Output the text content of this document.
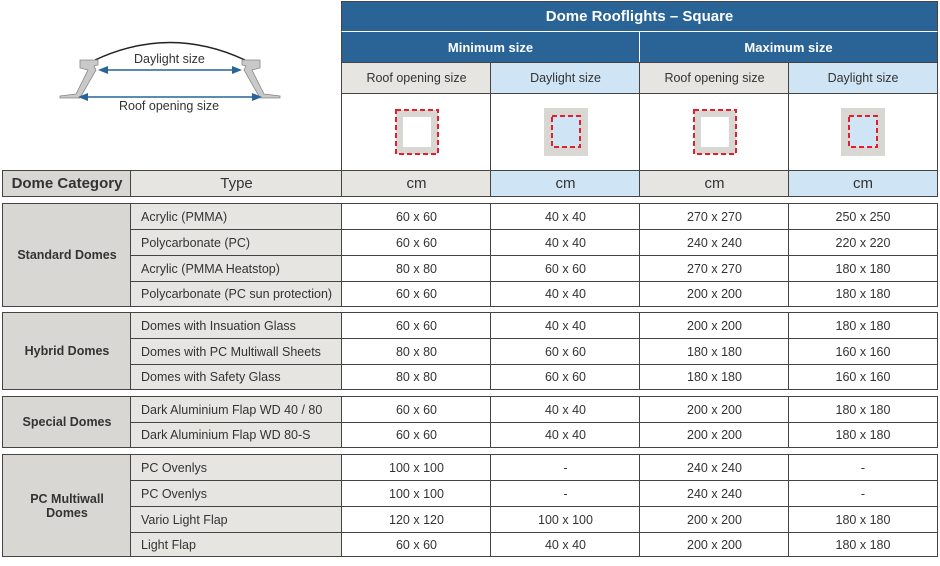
Daylight size
Roof opening size
Dome Rooflights – Square
Minimum size	Maximum size
Roof opening size	Daylight size	Roof opening size	Daylight size
Dome Category	Type	cm	cm	cm	cm
Standard Domes
Acrylic (PMMA)	60 x 60	40 x 40	270 x 270	250 x 250
Polycarbonate (PC)	60 x 60	40 x 40	240 x 240	220 x 220
Acrylic (PMMA Heatstop)	80 x 80	60 x 60	270 x 270	180 x 180
Polycarbonate (PC sun protection)	60 x 60	40 x 40	200 x 200	180 x 180
Hybrid Domes
Domes with Insuation Glass	60 x 60	40 x 40	200 x 200	180 x 180
Domes with PC Multiwall Sheets	80 x 80	60 x 60	180 x 180	160 x 160
Domes with Safety Glass	80 x 80	60 x 60	180 x 180	160 x 160
Special Domes
Dark Aluminium Flap WD 40 / 80	60 x 60	40 x 40	200 x 200	180 x 180
Dark Aluminium Flap WD 80-S	60 x 60	40 x 40	200 x 200	180 x 180
PC Multiwall
Domes
PC Ovenlys	100 x 100	-	240 x 240	-
PC Ovenlys	100 x 100	-	240 x 240	-
Vario Light Flap	120 x 120	100 x 100	200 x 200	180 x 180
Light Flap	60 x 60	40 x 40	200 x 200	180 x 180
